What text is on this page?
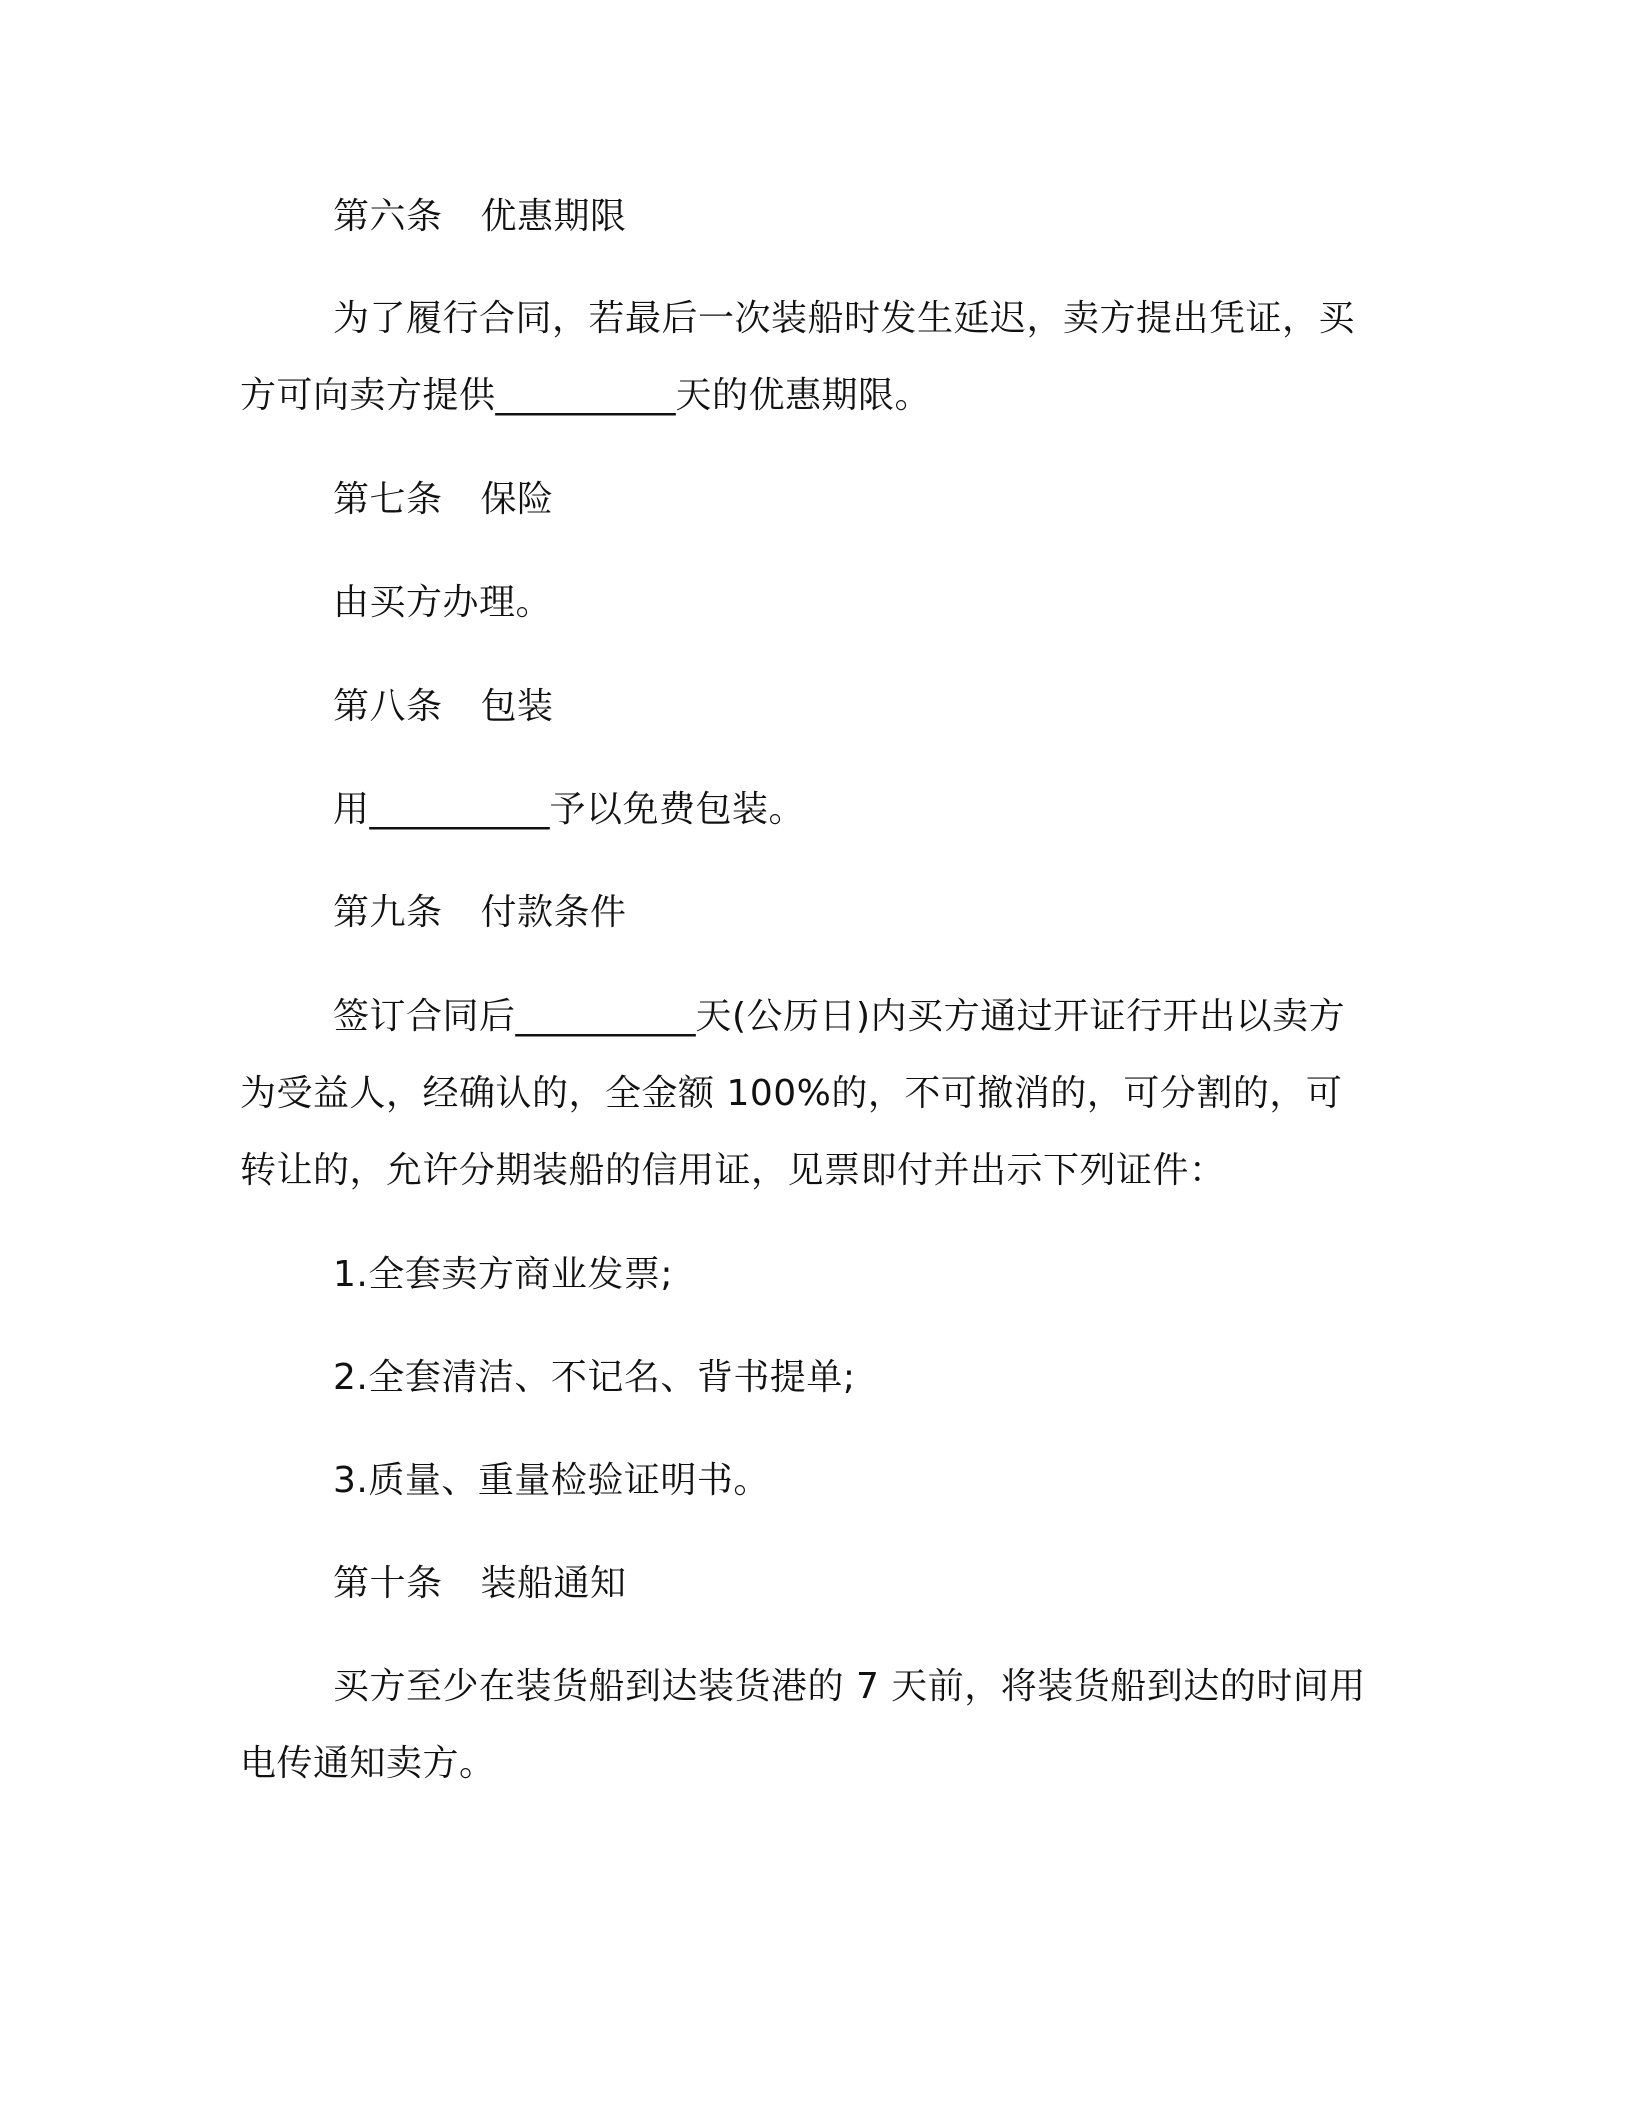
第六条 优惠期限

为了履行合同，若最后一次装船时发生延迟，卖方提出凭证，买

方可向卖方提供__________天的优惠期限。

第七条 保险

由买方办理。

第八条 包装

用__________予以免费包装。

第九条 付款条件

签订合同后__________天(公历日)内买方通过开证行开出以卖方

为受益人，经确认的，全金额 100%的，不可撤消的，可分割的，可

转让的，允许分期装船的信用证，见票即付并出示下列证件：

1.全套卖方商业发票;

2.全套清洁、不记名、背书提单;

3.质量、重量检验证明书。

第十条 装船通知

买方至少在装货船到达装货港的 7 天前，将装货船到达的时间用

电传通知卖方。
